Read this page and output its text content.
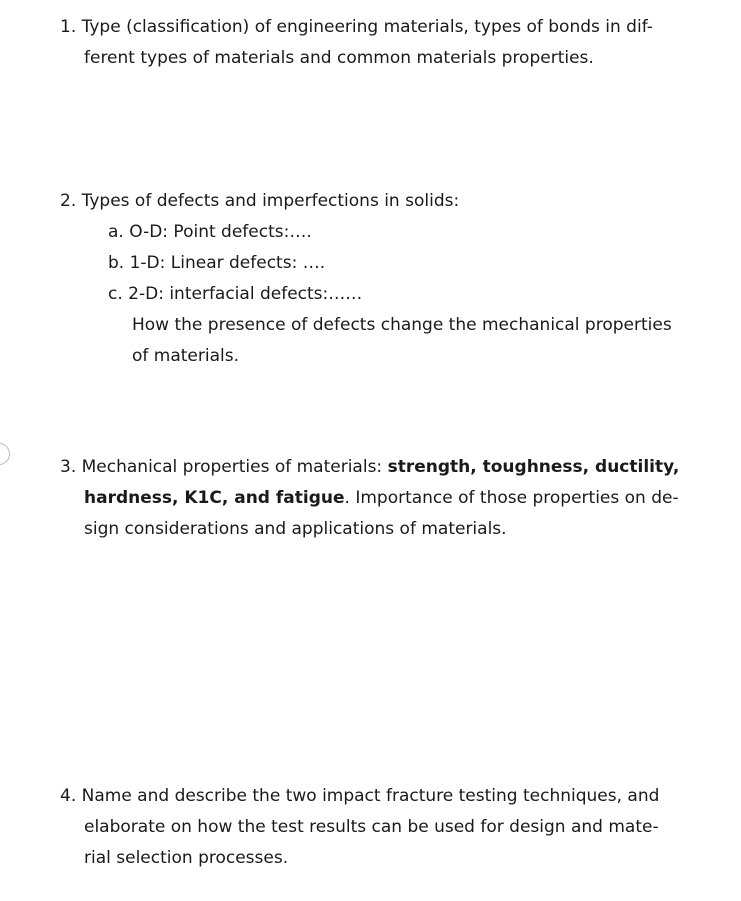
1. Type (classification) of engineering materials, types of bonds in dif-
ferent types of materials and common materials properties.
2. Types of defects and imperfections in solids:
a. O-D: Point defects:….
b. 1-D: Linear defects: ….
c. 2-D: interfacial defects:……
How the presence of defects change the mechanical properties
of materials.
3. Mechanical properties of materials: strength, toughness, ductility,
hardness, K1C, and fatigue. Importance of those properties on de-
sign considerations and applications of materials.
4. Name and describe the two impact fracture testing techniques, and
elaborate on how the test results can be used for design and mate-
rial selection processes.
